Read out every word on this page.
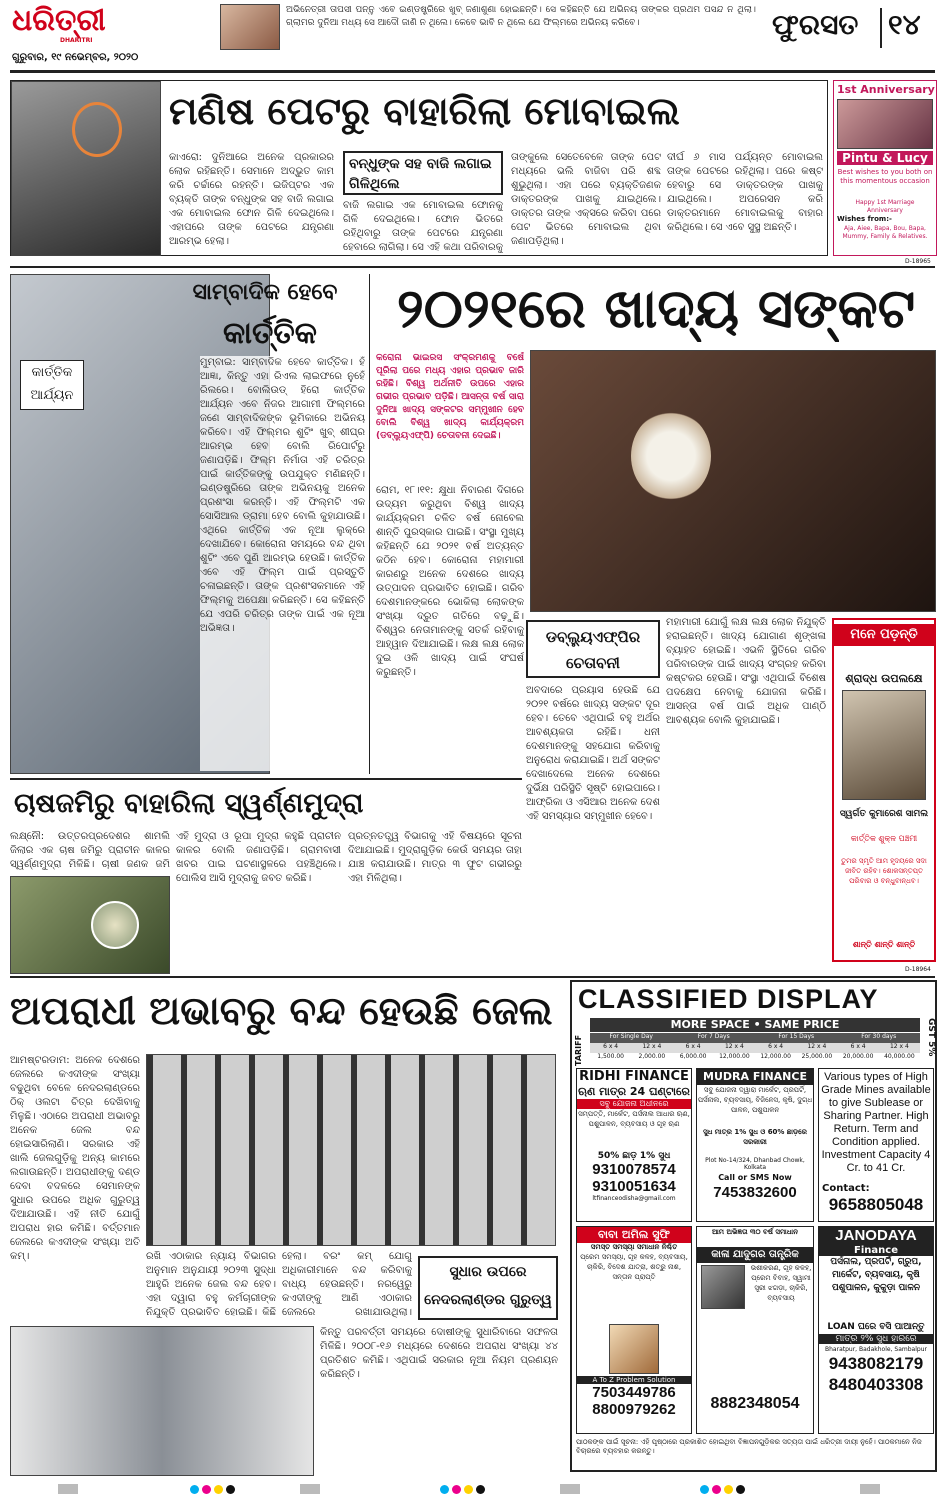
ଧରିତ୍ରୀ
DHARITRI
ଗୁରୁବାର, ୧୯ ନଭେମ୍ବର, ୨୦୨୦
ଅଭିନେତ୍ରୀ ତାପସୀ ପନ୍ନୁ ଏବେ ଇଣ୍ଡଷ୍ଟ୍ରିରେ ଖୁବ୍ ଜଣାଶୁଣା ହୋଇଛନ୍ତି। ସେ କହିଛନ୍ତି ଯେ ଅଭିନୟ ତାଙ୍କର ପ୍ରଥମ ପସନ୍ଦ ନ ଥିଲା। ଗ୍ଲାମର ଦୁନିଆ ମଧ୍ୟ ସେ ଆଦୌ ଜାଣି ନ ଥିଲେ। କେବେ ଭାବି ନ ଥିଲେ ଯେ ଫିଲ୍ମରେ ଅଭିନୟ କରିବେ।	ଫୁରସତ ୧୪
ମଣିଷ ପେଟରୁ ବାହାରିଲା ମୋବାଇଲ
କାଏରୋ: ଦୁନିଆରେ ଅନେକ ପ୍ରକାରର ଲୋକ ରହିଛନ୍ତି। ସେମାନେ ଅଦ୍ଭୁତ କାମ କରି ଚର୍ଚ୍ଚାରେ ରହନ୍ତି। ଇଜିପ୍ଟର ଏକ ବ୍ୟକ୍ତି ତାଙ୍କ ବନ୍ଧୁଙ୍କ ସହ ବାଜି ଲଗାଇ ଏକ ମୋବାଇଲ ଫୋନ ଗିଳି ଦେଇଥିଲେ। ଏହାପରେ ତାଙ୍କ ପେଟରେ ଯନ୍ତ୍ରଣା ଆରମ୍ଭ ହେଲା।
ବନ୍ଧୁଙ୍କ ସହ ବାଜି ଲଗାଇ ଗିଳିଥିଲେ
ବାଜି ଲଗାଇ ଏକ ମୋବାଇଲ ଫୋନକୁ ଗିଳି ଦେଇଥିଲେ। ଫୋନ ଭିତରେ ରହିଥିବାରୁ ତାଙ୍କ ପେଟରେ ଯନ୍ତ୍ରଣା ହେବାରେ ଲାଗିଲା। ସେ ଏହି କଥା ପରିବାରକୁ
ତାଙ୍କୁଲେ ସେତେବେଳେ ତାଙ୍କ ପେଟ ମଧ୍ୟରେ ଭଲି ବାଜିବା ପରି ଶବ୍ଦ ଶୁଭୁଥିଲା। ଏହା ପରେ ବ୍ୟକ୍ତିଜଣକ ଡାକ୍ତରଙ୍କ ପାଖକୁ ଯାଇଥିଲେ। ଡାକ୍ତର ତାଙ୍କ ଏକ୍ସରେ କରିବା ପରେ ପେଟ ଭିତରେ ମୋବାଇଲ ଥିବା ଜଣାପଡ଼ିଥିଲା।
ଦୀର୍ଘ ୬ ମାସ ପର୍ଯ୍ୟନ୍ତ ମୋବାଇଲ ତାଙ୍କ ପେଟରେ ରହିଥିଲା। ପରେ କଷ୍ଟ ହେବାରୁ ସେ ଡାକ୍ତରଙ୍କ ପାଖକୁ ଯାଇଥିଲେ। ଅପରେସନ କରି ଡାକ୍ତରମାନେ ମୋବାଇଲକୁ ବାହାର କରିଥିଲେ। ସେ ଏବେ ସୁସ୍ଥ ଅଛନ୍ତି।
1st Anniversary
Pintu & Lucy
Best wishes to you both on this momentous occasion
Happy 1st Marriage Anniversary
Wishes from:-
Aja, Aiee, Bapa, Bou, Bapa, Mummy, Family & Relatives.
D-18965
କାର୍ତ୍ତିକ
ଆର୍ଯ୍ୟନ
ସାମ୍ବାଦିକ ହେବେ
କାର୍ତ୍ତିକ
ମୁମ୍ବାଇ: ସାମ୍ବାଦିକ ହେବେ କାର୍ତ୍ତିକ। ହଁ ଆଜ୍ଞା, କିନ୍ତୁ ଏହା ରିଏଲ ଲାଇଫରେ ନୁହେଁ ରିଲରେ। ବୋଲିଉଡ୍ ହିରୋ କାର୍ତ୍ତିକ ଆର୍ଯ୍ୟନ ଏବେ ନିଜର ଆଗାମୀ ଫିଲ୍ମରେ ଜଣେ ସାମ୍ବାଦିକଙ୍କ ଭୂମିକାରେ ଅଭିନୟ କରିବେ। ଏହି ଫିଲ୍ମର ଶୁଟିଂ ଖୁବ୍ ଶୀଘ୍ର ଆରମ୍ଭ ହେବ ବୋଲି ରିପୋର୍ଟରୁ ଜଣାପଡ଼ିଛି। ଫିଲ୍ମ ନିର୍ମାତା ଏହି ଚରିତ୍ର ପାଇଁ କାର୍ତ୍ତିକଙ୍କୁ ଉପଯୁକ୍ତ ମଣିଛନ୍ତି। ଇଣ୍ଡଷ୍ଟ୍ରିରେ ତାଙ୍କ ଅଭିନୟକୁ ଅନେକ ପ୍ରଶଂସା କରନ୍ତି। ଏହି ଫିଲ୍ମଟି ଏକ ସୋସିଆଲ ଡ୍ରାମା ହେବ ବୋଲି କୁହାଯାଉଛି। ଏଥିରେ କାର୍ତ୍ତିକ ଏକ ନୂଆ ଲୁକ୍‌ରେ ଦେଖାଯିବେ। କୋରୋନା ସମୟରେ ବନ୍ଦ ଥିବା ଶୁଟିଂ ଏବେ ପୁଣି ଆରମ୍ଭ ହେଉଛି। କାର୍ତ୍ତିକ ଏବେ ଏହି ଫିଲ୍ମ ପାଇଁ ପ୍ରସ୍ତୁତି ଚଳାଇଛନ୍ତି। ତାଙ୍କ ପ୍ରଶଂସକମାନେ ଏହି ଫିଲ୍ମକୁ ଅପେକ୍ଷା କରିଛନ୍ତି। ସେ କହିଛନ୍ତି ଯେ ଏପରି ଚରିତ୍ର ତାଙ୍କ ପାଇଁ ଏକ ନୂଆ ଅଭିଜ୍ଞତା।
୨୦୨୧ରେ ଖାଦ୍ୟ ସଙ୍କଟ
କରୋନା ଭାଇରସ ସଂକ୍ରମଣକୁ ବର୍ଷେ ପୂରିଲା ପରେ ମଧ୍ୟ ଏହାର ପ୍ରଭାବ ଜାରି ରହିଛି। ବିଶ୍ୱ ଅର୍ଥନୀତି ଉପରେ ଏହାର ଗଭୀର ପ୍ରଭାବ ପଡ଼ିଛି। ଆସନ୍ତା ବର୍ଷ ସାରା ଦୁନିଆ ଖାଦ୍ୟ ସଙ୍କଟର ସମ୍ମୁଖୀନ ହେବ ବୋଲି ବିଶ୍ୱ ଖାଦ୍ୟ କାର୍ଯ୍ୟକ୍ରମ (ଡବ୍ଲ୍ୟୁଏଫ୍‌ପି) ଚେତାବନୀ ଦେଇଛି।
ରୋମ, ୧୮।୧୧: କ୍ଷୁଧା ନିବାରଣ ଦିଗରେ ଉଦ୍ୟମ କରୁଥିବା ବିଶ୍ୱ ଖାଦ୍ୟ କାର୍ଯ୍ୟକ୍ରମ ଚଳିତ ବର୍ଷ ନୋବେଲ ଶାନ୍ତି ପୁରସ୍କାର ପାଇଛି। ସଂସ୍ଥା ମୁଖ୍ୟ କହିଛନ୍ତି ଯେ ୨୦୨୧ ବର୍ଷ ଅତ୍ୟନ୍ତ କଠିନ ହେବ। କୋରୋନା ମହାମାରୀ କାରଣରୁ ଅନେକ ଦେଶରେ ଖାଦ୍ୟ ଉତ୍ପାଦନ ପ୍ରଭାବିତ ହୋଇଛି। ଗରିବ ଦେଶମାନଙ୍କରେ ଭୋକିଲା ଲୋକଙ୍କ ସଂଖ୍ୟା ଦ୍ରୁତ ଗତିରେ ବଢ଼ୁଛି। ବିଶ୍ୱର ନେତାମାନଙ୍କୁ ସତର୍କ ରହିବାକୁ ଆହ୍ୱାନ ଦିଆଯାଇଛି। ଲକ୍ଷ ଲକ୍ଷ ଲୋକ ଦୁଇ ଓଳି ଖାଦ୍ୟ ପାଇଁ ସଂଘର୍ଷ କରୁଛନ୍ତି।
ଡବ୍ଲ୍ୟୁଏଫ୍‌ପିର ଚେତାବନୀ
ଅବଦାରେ ପ୍ରୟାସ ହେଉଛି ଯେ ୨୦୨୧ ବର୍ଷରେ ଖାଦ୍ୟ ସଙ୍କଟ ଦୂର ହେବ। ତେବେ ଏଥିପାଇଁ ବହୁ ଅର୍ଥର ଆବଶ୍ୟକତା ରହିଛି। ଧନୀ ଦେଶମାନଙ୍କୁ ସହଯୋଗ କରିବାକୁ ଅନୁରୋଧ କରାଯାଇଛି। ଅର୍ଥ ସଙ୍କଟ ଦେଖାଦେଲେ ଅନେକ ଦେଶରେ ଦୁର୍ଭିକ୍ଷ ପରିସ୍ଥିତି ସୃଷ୍ଟି ହୋଇପାରେ। ଆଫ୍ରିକା ଓ ଏସିଆର ଅନେକ ଦେଶ ଏହି ସମସ୍ୟାର ସମ୍ମୁଖୀନ ହେବେ।
ମହାମାରୀ ଯୋଗୁଁ ଲକ୍ଷ ଲକ୍ଷ ଲୋକ ନିଯୁକ୍ତି ହରାଇଛନ୍ତି। ଖାଦ୍ୟ ଯୋଗାଣ ଶୃଙ୍ଖଳା ବ୍ୟାହତ ହୋଇଛି। ଏଭଳି ସ୍ଥିତିରେ ଗରିବ ପରିବାରଙ୍କ ପାଇଁ ଖାଦ୍ୟ ସଂଗ୍ରହ କରିବା କଷ୍ଟକର ହେଉଛି। ସଂସ୍ଥା ଏଥିପାଇଁ ବିଶେଷ ପଦକ୍ଷେପ ନେବାକୁ ଯୋଜନା କରିଛି। ଆସନ୍ତା ବର୍ଷ ପାଇଁ ଅଧିକ ପାଣ୍ଠି ଆବଶ୍ୟକ ବୋଲି କୁହାଯାଇଛି।
ମନେ ପଡ଼ନ୍ତି
ଶ୍ରାଦ୍ଧ ଉପଲକ୍ଷେ
ସ୍ୱର୍ଗତ କୁମାରେଶ ସାମଲ
କାର୍ତ୍ତିକ ଶୁକ୍ଳ ପଞ୍ଚମୀ
ତୁମର ସ୍ମୃତି ଆମ ହୃଦୟରେ ସଦା ଜୀବିତ ରହିବ। ଶୋକସନ୍ତପ୍ତ ପରିବାର ଓ ବନ୍ଧୁବାନ୍ଧବ।
ଶାନ୍ତି ଶାନ୍ତି ଶାନ୍ତି
D-18964
ଚାଷଜମିରୁ ବାହାରିଲା ସ୍ୱର୍ଣ୍ଣମୁଦ୍ରା
ଲକ୍ଷ୍ନୌ: ଉତ୍ତରପ୍ରଦେଶର ଶାମଲି ଜିଲାର ଏକ ଚାଷ ଜମିରୁ ପ୍ରାଚୀନ କାଳର ସ୍ୱର୍ଣ୍ଣମୁଦ୍ରା ମିଳିଛି। ଚାଷୀ ଜଣକ ଜମି
ଏହି ମୁଦ୍ରା ଓ ରୂପା ମୁଦ୍ରା କହୁଛି ପ୍ରାଚୀନ କାଳର ବୋଲି ଜଣାପଡ଼ିଛି। ଗ୍ରାମବାସୀ ଖବର ପାଇ ଘଟଣାସ୍ଥଳରେ ପହଞ୍ଚିଥିଲେ। ପୋଲିସ ଆସି ମୁଦ୍ରାକୁ ଜବତ କରିଛି।
ପ୍ରତ୍ନତତ୍ତ୍ୱ ବିଭାଗକୁ ଏହି ବିଷୟରେ ସୂଚନା ଦିଆଯାଇଛି। ମୁଦ୍ରାଗୁଡ଼ିକ କେଉଁ ସମୟର ତାହା ଯାଞ୍ଚ କରାଯାଉଛି। ମାତ୍ର ୩ ଫୁଟ ଗଭୀରରୁ ଏହା ମିଳିଥିଲା।
ଅପରାଧୀ ଅଭାବରୁ ବନ୍ଦ ହେଉଛି ଜେଲ
ଆମଷ୍ଟରଡାମ: ଅନେକ ଦେଶରେ ଜେଲରେ କଏଦୀଙ୍କ ସଂଖ୍ୟା ବଢୁଥିବା ବେଳେ ନେଦରଲାଣ୍ଡରେ ଠିକ୍ ଓଲଟା ଚିତ୍ର ଦେଖିବାକୁ ମିଳୁଛି। ଏଠାରେ ଅପରାଧୀ ଅଭାବରୁ ଅନେକ ଜେଲ ବନ୍ଦ ହୋଇସାରିଲାଣି। ସରକାର ଏହି ଖାଲି ଜେଲଗୁଡ଼ିକୁ ଅନ୍ୟ କାମରେ ଲଗାଉଛନ୍ତି। ଅପରାଧୀଙ୍କୁ ଦଣ୍ଡ ଦେବା ବଦଳରେ ସେମାନଙ୍କ ସୁଧାର ଉପରେ ଅଧିକ ଗୁରୁତ୍ୱ ଦିଆଯାଉଛି। ଏହି ନୀତି ଯୋଗୁଁ ଅପରାଧ ହାର କମିଛି। ବର୍ତ୍ତମାନ ଜେଲରେ କଏଦୀଙ୍କ ସଂଖ୍ୟା ଅତି କମ୍।	ରଖି ଏଠାକାର ନ୍ୟାୟ ବିଭାଗର ଅନୁମାନ ଅନୁଯାୟୀ ୨୦୨୩ ସୁଦ୍ଧା ଆହୁରି ଅନେକ ଜେଲ ବନ୍ଦ ହେବ। ଏହା ଦ୍ୱାରା ବହୁ କର୍ମଚାରୀଙ୍କ ନିଯୁକ୍ତି ପ୍ରଭାବିତ ହୋଇଛି। କିଛି
ହେଲା। ବରଂ କମ୍ ଯୋଗୁ ଅଧିକାରୀମାନେ ବନ୍ଦ କରିବାକୁ ବାଧ୍ୟ ହେଉଛନ୍ତି। ନରୱେରୁ କଏଦୀଙ୍କୁ ଆଣି ଏଠାକାର ଜେଲରେ ରଖାଯାଉଥିଲା।
ସୁଧାର ଉପରେ ନେଦରଲାଣ୍ଡର ଗୁରୁତ୍ୱ
କିନ୍ତୁ ପରବର୍ତ୍ତୀ ସମୟରେ ଦୋଷୀଙ୍କୁ ସୁଧାରିବାରେ ସଫଳତା ମିଳିଛି। ୨୦୦୮-୧୬ ମଧ୍ୟରେ ଦେଶରେ ଅପରାଧ ସଂଖ୍ୟା ୪୪ ପ୍ରତିଶତ କମିଛି। ଏଥିପାଇଁ ସରକାର ନୂଆ ନିୟମ ପ୍ରଣୟନ କରିଛନ୍ତି।
CLASSIFIED DISPLAY
TARIFF	GST 5%
MORE SPACE • SAME PRICE
For Single Day	For 7 Days	For 15 Days	For 30 days
6 x 4	12 x 4	6 x 4	12 x 4	6 x 4	12 x 4	6 x 4	12 x 4
1,500.00	2,000.00	6,000.00	12,000.00	12,000.00	25,000.00	20,000.00	40,000.00
RIDHI FINANCE
ଋଣ ମାତ୍ର 24 ଘଣ୍ଟାରେ
ସବୁ ଯୋଜନା ଅଧୀନରେ
ସମ୍ପତ୍ତି, ମାର୍କେଟ, ପର୍ସନାଲ ଆଧାର ଋଣ, ପଶୁପାଳନ, ବ୍ୟବସାୟ ଓ ଗୃହ ଋଣ
50% ଛାଡ଼ 1% ସୁଧ
9310078574
9310051634
ltfinanceodisha@gmail.com
MUDRA FINANCE
ସବୁ ଯୋଜନା ଦ୍ୱାରା ମାର୍କେଟ, ପ୍ରପର୍ଟି, ପର୍ସନାଲ, ବ୍ୟବସାୟ, ବିଜିନେସ, କୃଷି, ଦୁଗ୍ଧ ପାଳନ, ପଶୁପାଳନ
ସୁଧ ମାତ୍ର 1% ସୁଧ ଓ 60% ଛାଡ଼ରେ ସରକାରୀ
Plot No-14/324, Dhanbad Chowk, Kolkata
Call or SMS Now
7453832600
Various types of High Grade Mines available to give Sublease or Sharing Partner. High Return. Term and Condition applied. Investment Capacity 4 Cr. to 41 Cr.
Contact:
9658805048
ବାବା ଅମିଲ ସୁଫି
ସମସ୍ତ ସମସ୍ୟା ସମାଧାନ ନିଶ୍ଚିତ
ପ୍ରେମ ସମସ୍ୟା, ଗୃହ କଳହ, ବ୍ୟବସାୟ, ଚାକିରି, ବିଦେଶ ଯାତ୍ରା, ଶତ୍ରୁ ନାଶ, ସନ୍ତାନ ପ୍ରାପ୍ତି
A To Z Problem Solution
7503449786
8800979262
ଆମ ଅଭିଜ୍ଞତା ୩୦ ବର୍ଷ ସମାଧାନ
କାଳା ଯାଦୁଗର ତାନ୍ତ୍ରିକ
ଭଶୀକରଣ, ଗୃହ କଳହ, ପ୍ରେମ ବିବାହ, ସ୍ୱାମୀ ସ୍ତ୍ରୀ ଝଗଡ଼ା, ଚାକିରି, ବ୍ୟବସାୟ
8882348054
JANODAYA
Finance
ପର୍ସନାଲ, ପ୍ରପର୍ଟି, ଗ୍ରୁପ, ମାର୍କେଟ, ବ୍ୟବସାୟ, କୃଷି ପଶୁପାଳନ, କୁକୁଡ଼ା ପାଳନ
LOAN ଘରେ ବସି ପାଆନ୍ତୁ
ମାତ୍ର ୨% ସୁଧ ହାରରେ
Bharatpur, Badakhole, Sambalpur
9438082179
8480403308
ପାଠକଙ୍କ ପାଇଁ ସୂଚନା: ଏହି ପୃଷ୍ଠାରେ ପ୍ରକାଶିତ ହୋଇଥିବା ବିଜ୍ଞାପନଗୁଡ଼ିକର ସତ୍ୟତା ପାଇଁ ଧରିତ୍ରୀ ଦାୟୀ ନୁହେଁ। ପାଠକମାନେ ନିଜ ବିଚାରରେ ବ୍ୟବହାର କରନ୍ତୁ।
